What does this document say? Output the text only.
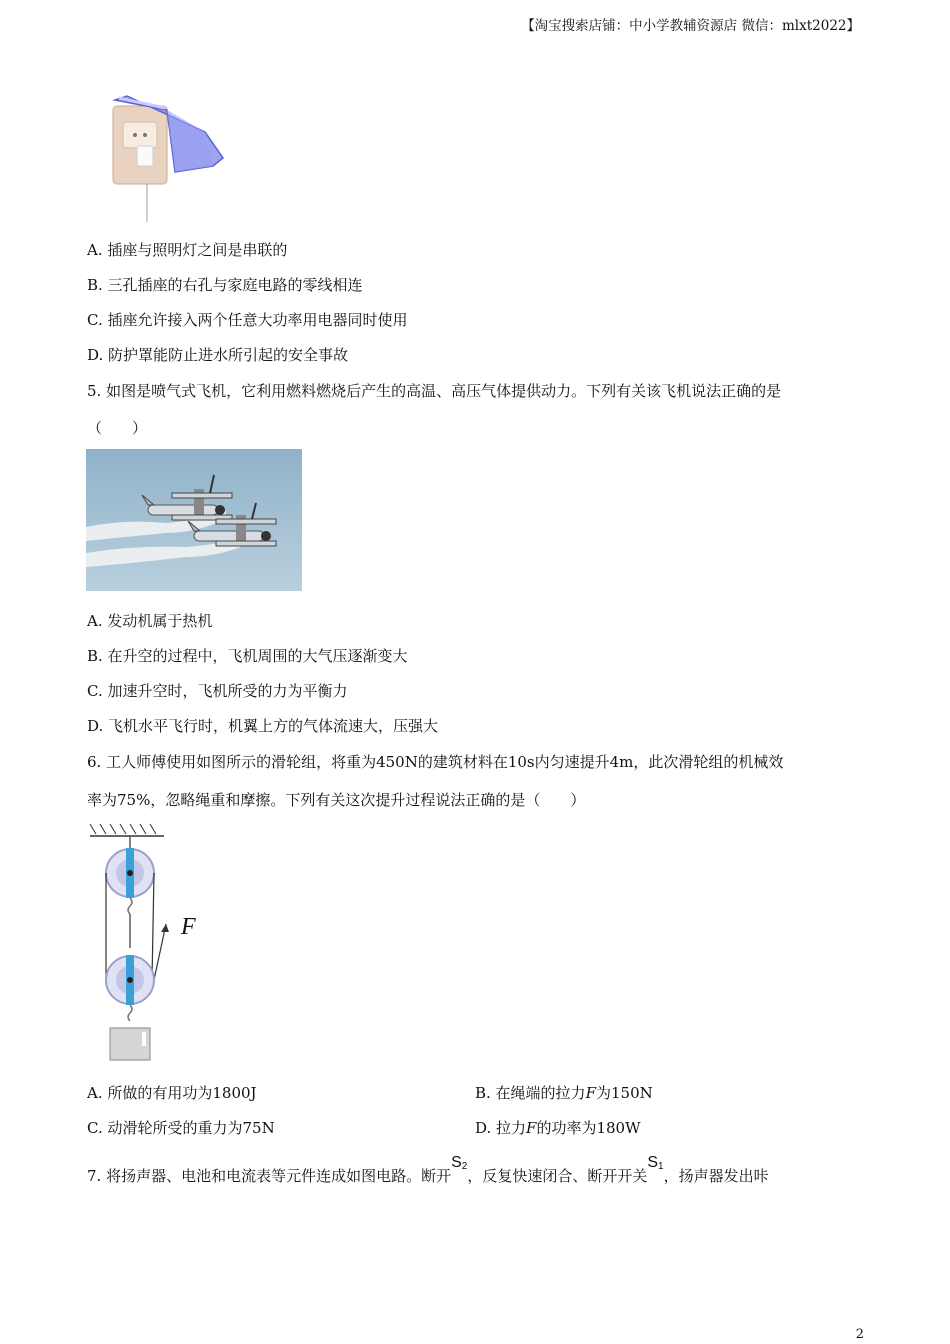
【淘宝搜索店铺：中小学教辅资源店 微信：mlxt2022】
A. 插座与照明灯之间是串联的
B. 三孔插座的右孔与家庭电路的零线相连
C. 插座允许接入两个任意大功率用电器同时使用
D. 防护罩能防止进水所引起的安全事故
5. 如图是喷气式飞机，它利用燃料燃烧后产生的高温、高压气体提供动力。下列有关该飞机说法正确的是
（　　）
A. 发动机属于热机
B. 在升空的过程中，飞机周围的大气压逐渐变大
C. 加速升空时，飞机所受的力为平衡力
D. 飞机水平飞行时，机翼上方的气体流速大，压强大
6. 工人师傅使用如图所示的滑轮组，将重为450N的建筑材料在10s内匀速提升4m，此次滑轮组的机械效
率为75%，忽略绳重和摩擦。下列有关这次提升过程说法正确的是（　　）
F
A. 所做的有用功为1800J	B. 在绳端的拉力F为150N
C. 动滑轮所受的重力为75N	D. 拉力F的功率为180W
7. 将扬声器、电池和电流表等元件连成如图电路。断开$S_2$，反复快速闭合、断开开关$S_1$，扬声器发出咔
2
